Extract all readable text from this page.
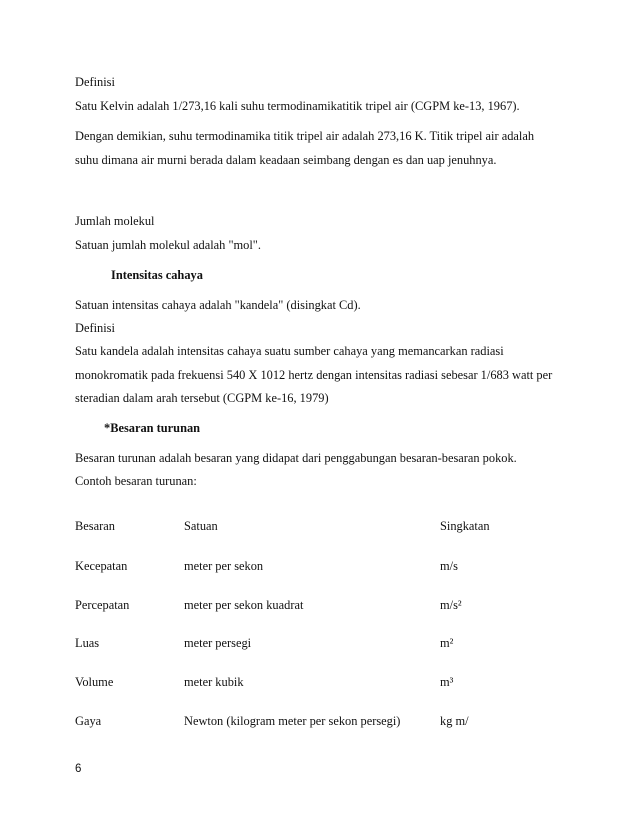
Definisi
Satu Kelvin adalah 1/273,16 kali suhu termodinamikatitik tripel air (CGPM ke-13, 1967).
Dengan demikian, suhu termodinamika titik tripel air adalah 273,16 K. Titik tripel air adalah
suhu dimana air murni berada dalam keadaan seimbang dengan es dan uap jenuhnya.
Jumlah molekul
Satuan jumlah molekul adalah "mol".
Intensitas cahaya
Satuan intensitas cahaya adalah "kandela" (disingkat Cd).
Definisi
Satu kandela adalah intensitas cahaya suatu sumber cahaya yang memancarkan radiasi
monokromatik pada frekuensi 540 X 1012 hertz dengan intensitas radiasi sebesar 1/683 watt per
steradian dalam arah tersebut (CGPM ke-16, 1979)
*Besaran turunan
Besaran turunan adalah besaran yang didapat dari penggabungan besaran-besaran pokok.
Contoh besaran turunan:
Besaran	Satuan	Singkatan
Kecepatan	meter per sekon	m/s
Percepatan	meter per sekon kuadrat	m/s²
Luas	meter persegi	m²
Volume	meter kubik	m³
Gaya	Newton (kilogram meter per sekon persegi)	kg m/
6
